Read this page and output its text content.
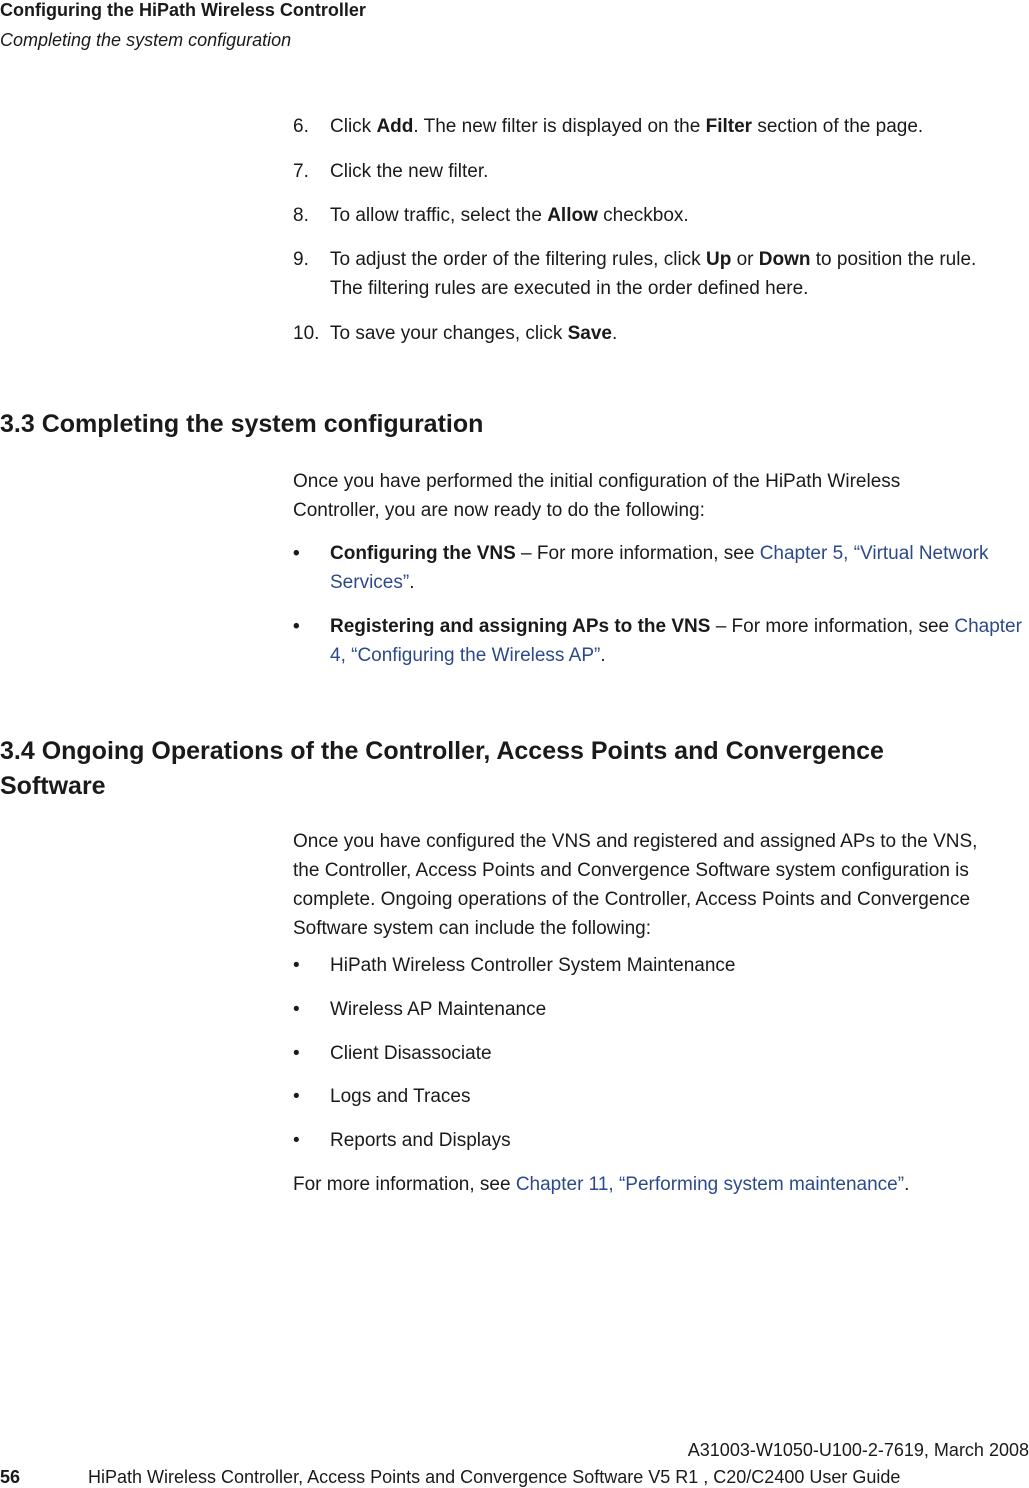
Configuring the HiPath Wireless Controller
Completing the system configuration
6. Click Add. The new filter is displayed on the Filter section of the page.
7. Click the new filter.
8. To allow traffic, select the Allow checkbox.
9. To adjust the order of the filtering rules, click Up or Down to position the rule.
The filtering rules are executed in the order defined here.
10. To save your changes, click Save.
3.3 Completing the system configuration
Once you have performed the initial configuration of the HiPath Wireless
Controller, you are now ready to do the following:
• Configuring the VNS – For more information, see Chapter 5, “Virtual Network Services”.
• Registering and assigning APs to the VNS – For more information, see Chapter 4, “Configuring the Wireless AP”.
3.4 Ongoing Operations of the Controller, Access Points and Convergence
Software
Once you have configured the VNS and registered and assigned APs to the VNS,
the Controller, Access Points and Convergence Software system configuration is
complete. Ongoing operations of the Controller, Access Points and Convergence
Software system can include the following:
• HiPath Wireless Controller System Maintenance
• Wireless AP Maintenance
• Client Disassociate
• Logs and Traces
• Reports and Displays
For more information, see Chapter 11, “Performing system maintenance”.
A31003-W1050-U100-2-7619, March 2008
56	HiPath Wireless Controller, Access Points and Convergence Software V5 R1 , C20/C2400 User Guide
